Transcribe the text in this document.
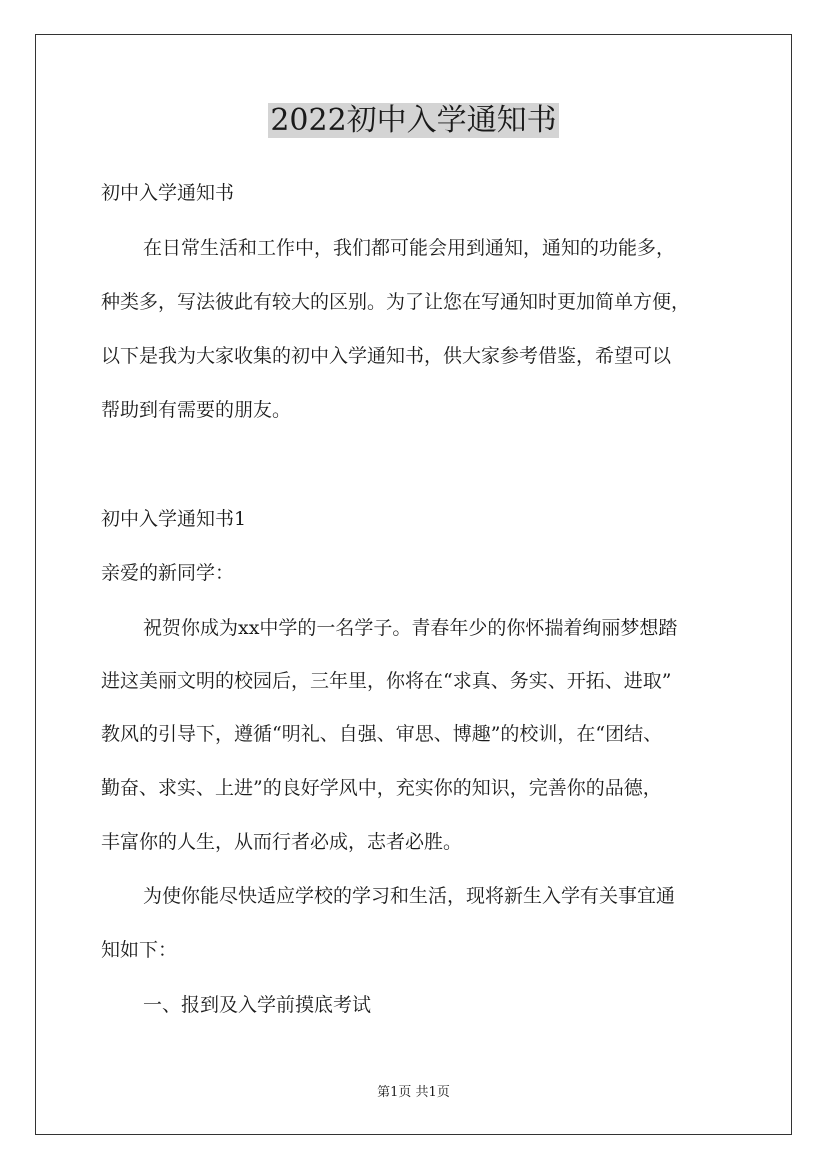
2022初中入学通知书
初中入学通知书
在日常生活和工作中，我们都可能会用到通知，通知的功能多，
种类多，写法彼此有较大的区别。为了让您在写通知时更加简单方便，
以下是我为大家收集的初中入学通知书，供大家参考借鉴，希望可以
帮助到有需要的朋友。
初中入学通知书1
亲爱的新同学：
祝贺你成为xx中学的一名学子。青春年少的你怀揣着绚丽梦想踏
进这美丽文明的校园后，三年里，你将在“求真、务实、开拓、进取”
教风的引导下，遵循“明礼、自强、审思、博趣”的校训，在“团结、
勤奋、求实、上进”的良好学风中，充实你的知识，完善你的品德，
丰富你的人生，从而行者必成，志者必胜。
为使你能尽快适应学校的学习和生活，现将新生入学有关事宜通
知如下：
一、报到及入学前摸底考试
第1页 共1页
